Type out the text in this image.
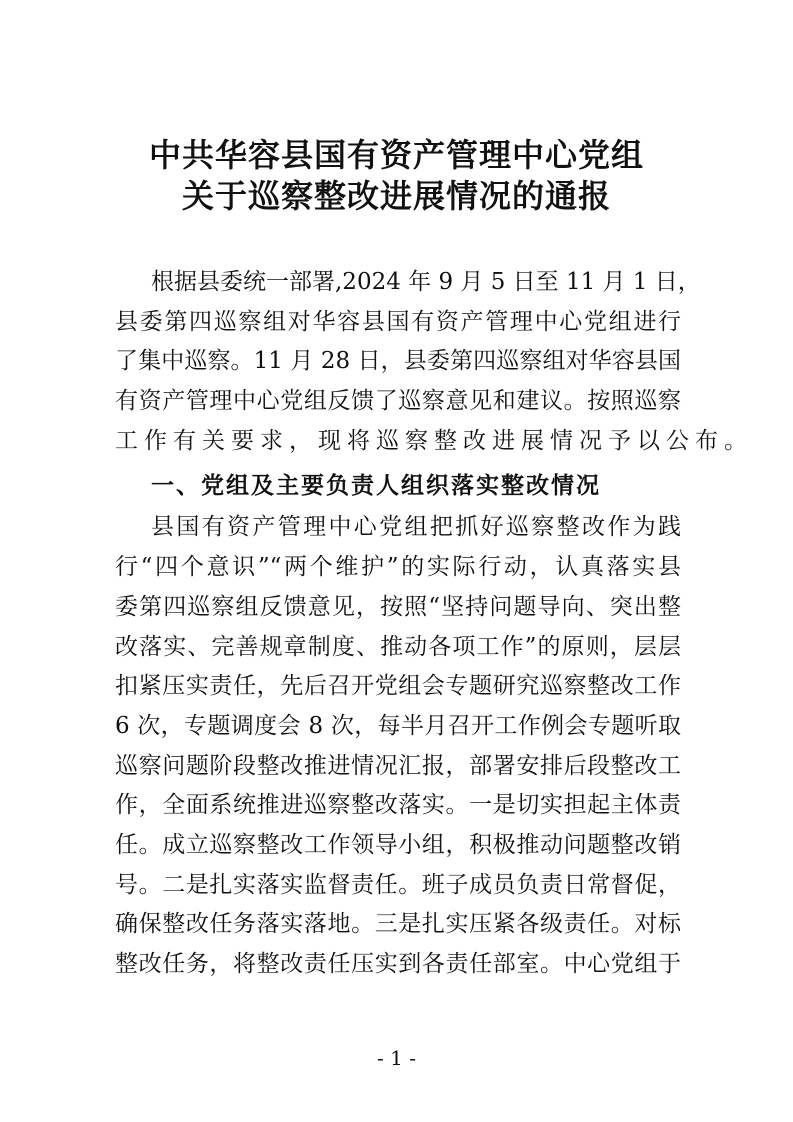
中共华容县国有资产管理中心党组
关于巡察整改进展情况的通报
根据县委统一部署,2024 年 9 月 5 日至 11 月 1 日，
县委第四巡察组对华容县国有资产管理中心党组进行
了集中巡察。11 月 28 日，县委第四巡察组对华容县国
有资产管理中心党组反馈了巡察意见和建议。按照巡察
工作有关要求，现将巡察整改进展情况予以公布。
一、党组及主要负责人组织落实整改情况
县国有资产管理中心党组把抓好巡察整改作为践
行“四个意识”“两个维护”的实际行动，认真落实县
委第四巡察组反馈意见，按照“坚持问题导向、突出整
改落实、完善规章制度、推动各项工作”的原则，层层
扣紧压实责任，先后召开党组会专题研究巡察整改工作
6 次，专题调度会 8 次，每半月召开工作例会专题听取
巡察问题阶段整改推进情况汇报，部署安排后段整改工
作，全面系统推进巡察整改落实。一是切实担起主体责
任。成立巡察整改工作领导小组，积极推动问题整改销
号。二是扎实落实监督责任。班子成员负责日常督促，
确保整改任务落实落地。三是扎实压紧各级责任。对标
整改任务，将整改责任压实到各责任部室。中心党组于
- 1 -
